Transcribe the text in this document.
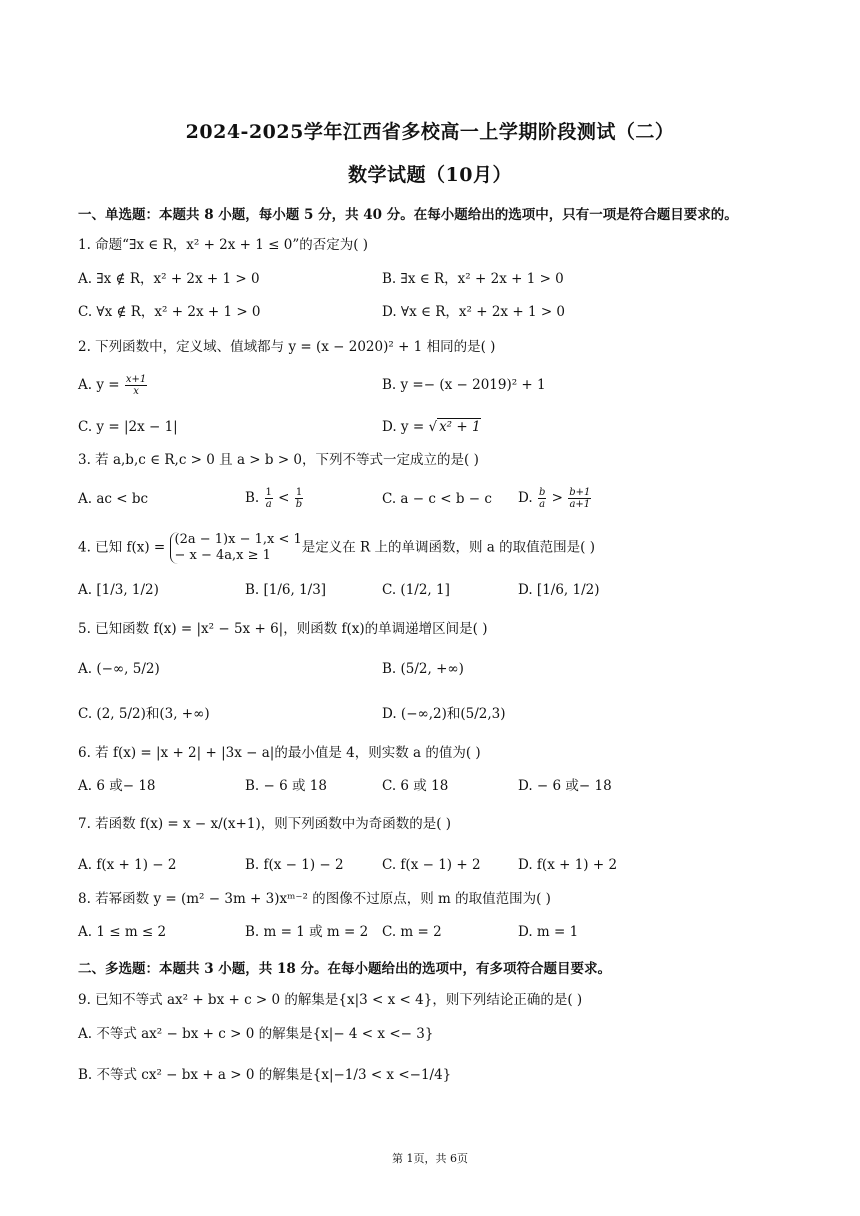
2024-2025学年江西省多校高一上学期阶段测试（二）
数学试题（10月）
一、单选题：本题共 8 小题，每小题 5 分，共 40 分。在每小题给出的选项中，只有一项是符合题目要求的。
1. 命题“∃x ∈ R，x² + 2x + 1 ≤ 0”的否定为( )
A. ∃x ∉ R，x² + 2x + 1 > 0	B. ∃x ∈ R，x² + 2x + 1 > 0
C. ∀x ∉ R，x² + 2x + 1 > 0	D. ∀x ∈ R，x² + 2x + 1 > 0
2. 下列函数中，定义域、值域都与 y = (x − 2020)² + 1 相同的是( )
A. $y = \frac{x+1}{x}$	B. y =− (x − 2019)² + 1
C. y = |2x − 1|	D. y = √ x² + 1
3. 若 a,b,c ∈ R,c > 0 且 a > b > 0，下列不等式一定成立的是( )
A. ac < bc	B. $\frac{1}{a} < \frac{1}{b}$	C. a − c < b − c D. $\frac{b}{a} > \frac{b+1}{a+1}$
4. 已知 f(x) = (2a − 1)x − 1,x < 1
− x − 4a,x ≥ 1	是定义在 R 上的单调函数，则 a 的取值范围是( )
A. [1/3, 1/2)	B. [1/6, 1/3]	C. (1/2, 1]	D. [1/6, 1/2)
5. 已知函数 f(x) = |x² − 5x + 6|，则函数 f(x)的单调递增区间是( )
A. (−∞, 5/2)	B. (5/2, +∞)
C. (2, 5/2)和(3, +∞)	D. (−∞,2)和(5/2,3)
6. 若 f(x) = |x + 2| + |3x − a|的最小值是 4，则实数 a 的值为( )
A. 6 或− 18	B. − 6 或 18	C. 6 或 18	D. − 6 或− 18
7. 若函数 f(x) = x − x/(x+1)，则下列函数中为奇函数的是( )
A. f(x + 1) − 2	B. f(x − 1) − 2	C. f(x − 1) + 2	D. f(x + 1) + 2
8. 若幂函数 y = (m² − 3m + 3)xᵐ⁻² 的图像不过原点，则 m 的取值范围为( )
A. 1 ≤ m ≤ 2	B. m = 1 或 m = 2 C. m = 2	D. m = 1
二、多选题：本题共 3 小题，共 18 分。在每小题给出的选项中，有多项符合题目要求。
9. 已知不等式 ax² + bx + c > 0 的解集是{x|3 < x < 4}，则下列结论正确的是( )
A. 不等式 ax² − bx + c > 0 的解集是{x|− 4 < x <− 3}
B. 不等式 cx² − bx + a > 0 的解集是{x|−1/3 < x <−1/4}
第 1页，共 6页
